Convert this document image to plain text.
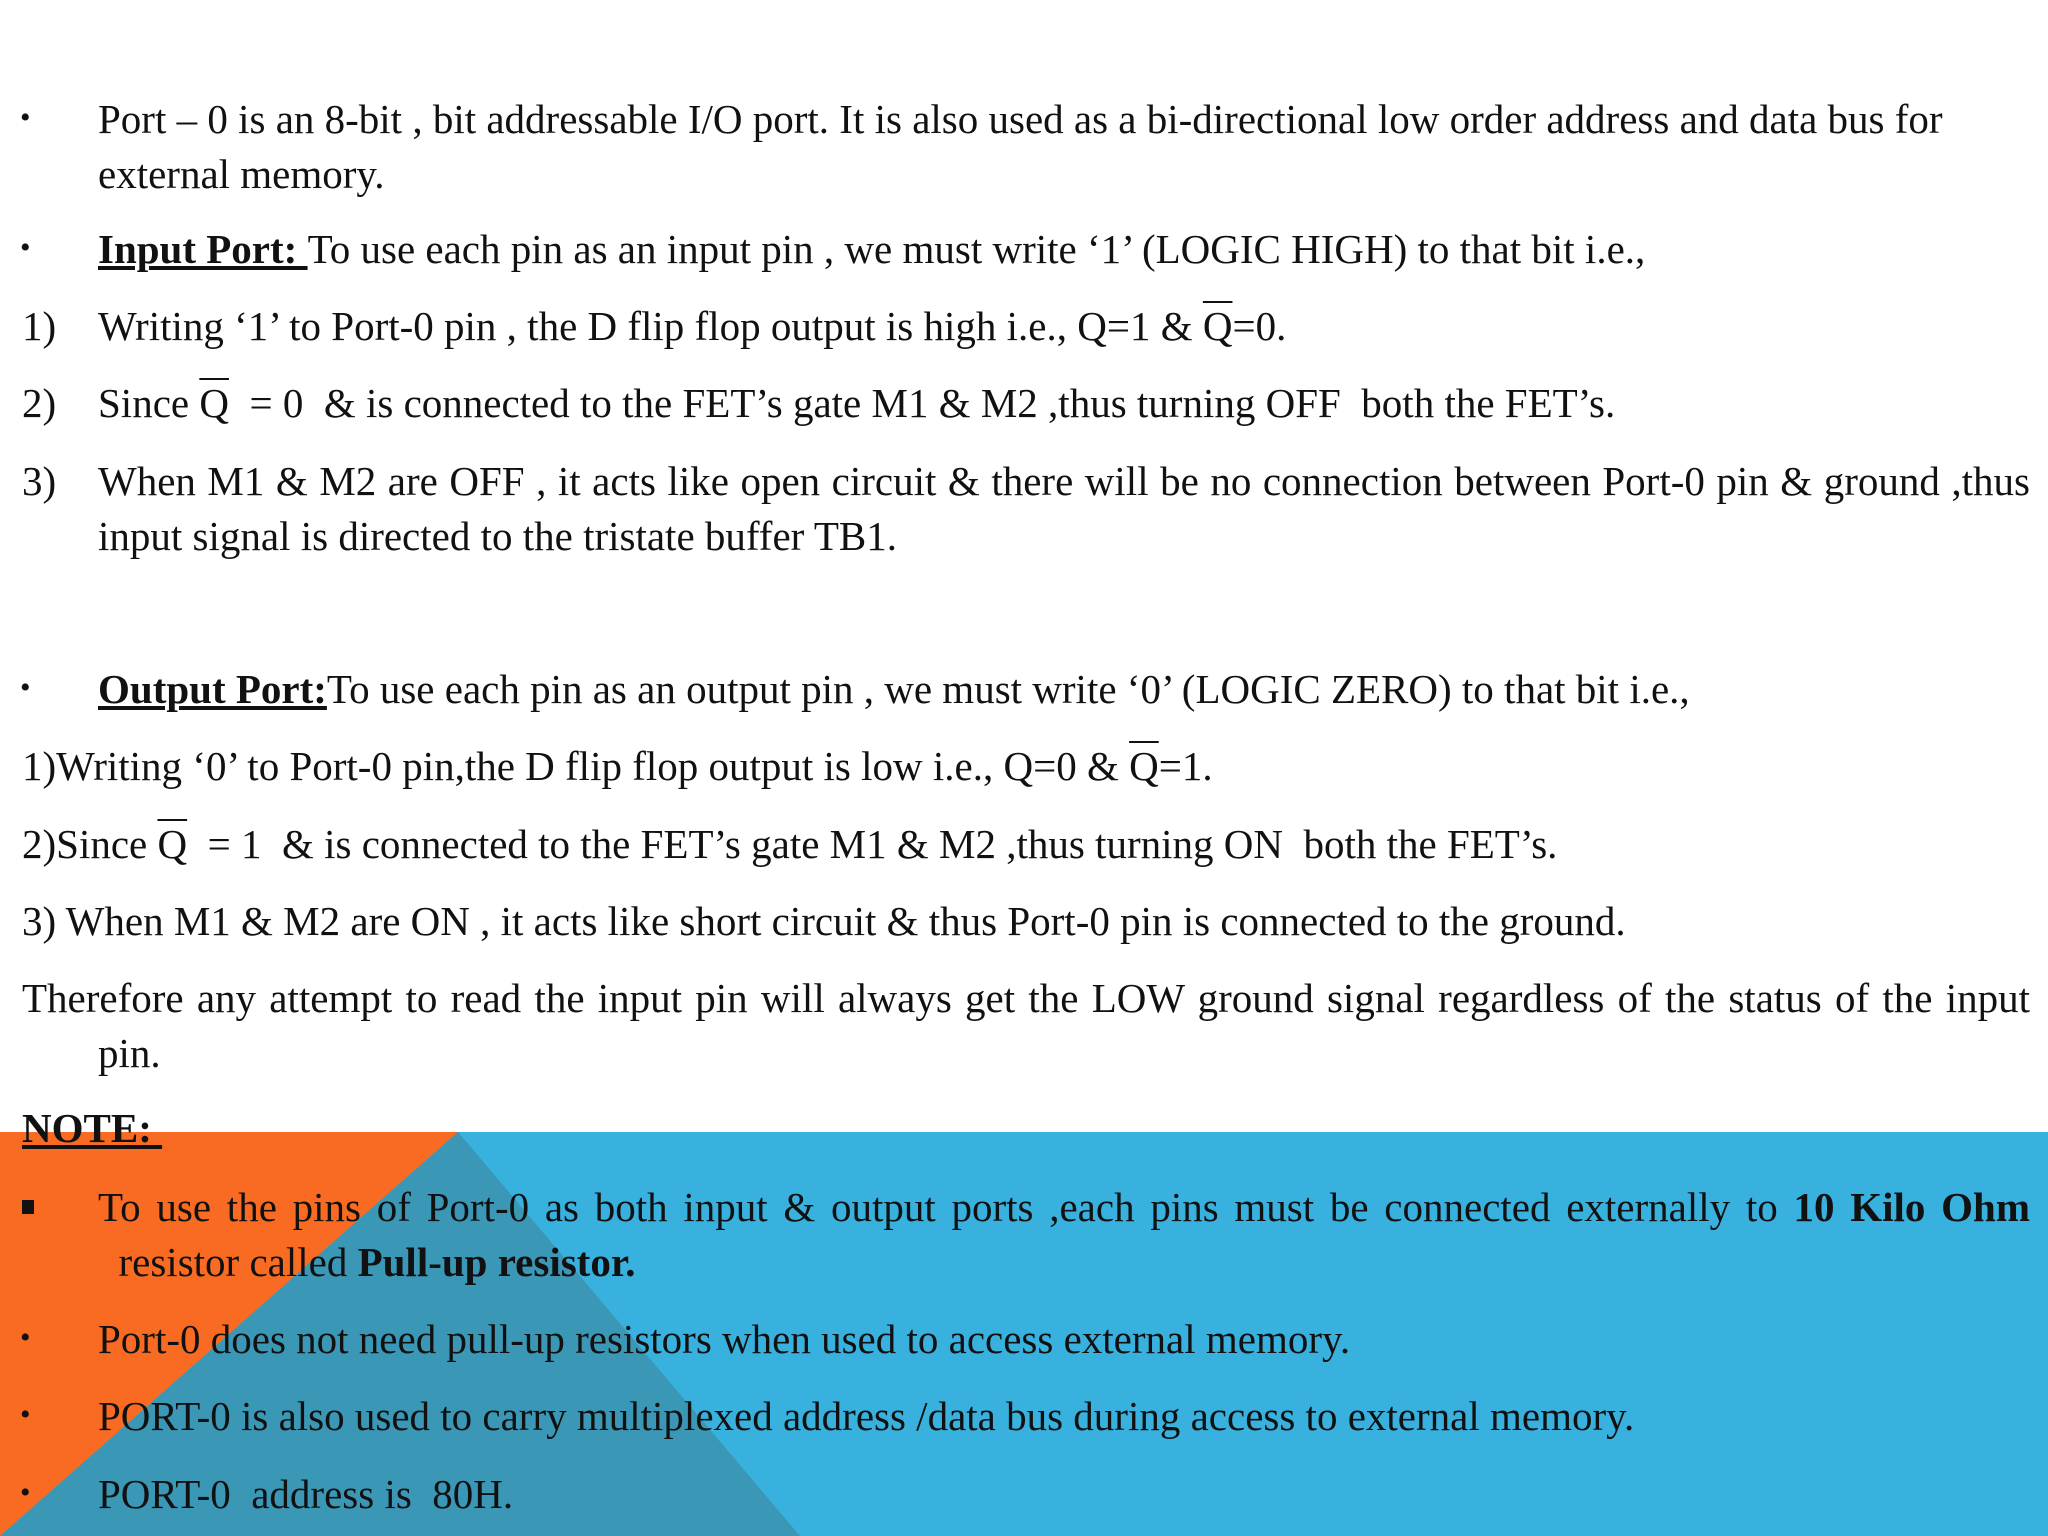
• Port – 0 is an 8-bit , bit addressable I/O port. It is also used as a bi-directional low order address and data bus for external memory.
• Input Port: To use each pin as an input pin , we must write ‘1’ (LOGIC HIGH) to that bit i.e.,
1) Writing ‘1’ to Port-0 pin , the D flip flop output is high i.e., Q=1 & $\overline{Q}=0$.
2) Since $\overline{Q} = 0$  & is connected to the FET’s gate M1 & M2 ,thus turning OFF  both the FET’s.
3) When M1 & M2 are OFF , it acts like open circuit & there will be no connection between Port-0 pin & ground ,thus input signal is directed to the tristate buffer TB1.
• Output Port:To use each pin as an output pin , we must write ‘0’ (LOGIC ZERO) to that bit i.e.,
1)Writing ‘0’ to Port-0 pin,the D flip flop output is low i.e., Q=0 & $\overline{Q}=1$.
2)Since $\overline{Q} = 1$  & is connected to the FET’s gate M1 & M2 ,thus turning ON  both the FET’s.
3) When M1 & M2 are ON , it acts like short circuit & thus Port-0 pin is connected to the ground.
Therefore any attempt to read the input pin will always get the LOW ground signal regardless of the status of the input pin.
NOTE:
To use the pins of Port-0 as both input & output ports ,each pins must be connected externally to 10 Kilo Ohm  resistor called Pull-up resistor.
• Port-0 does not need pull-up resistors when used to access external memory.
• PORT-0 is also used to carry multiplexed address /data bus during access to external memory.
• PORT-0  address is  80H.
